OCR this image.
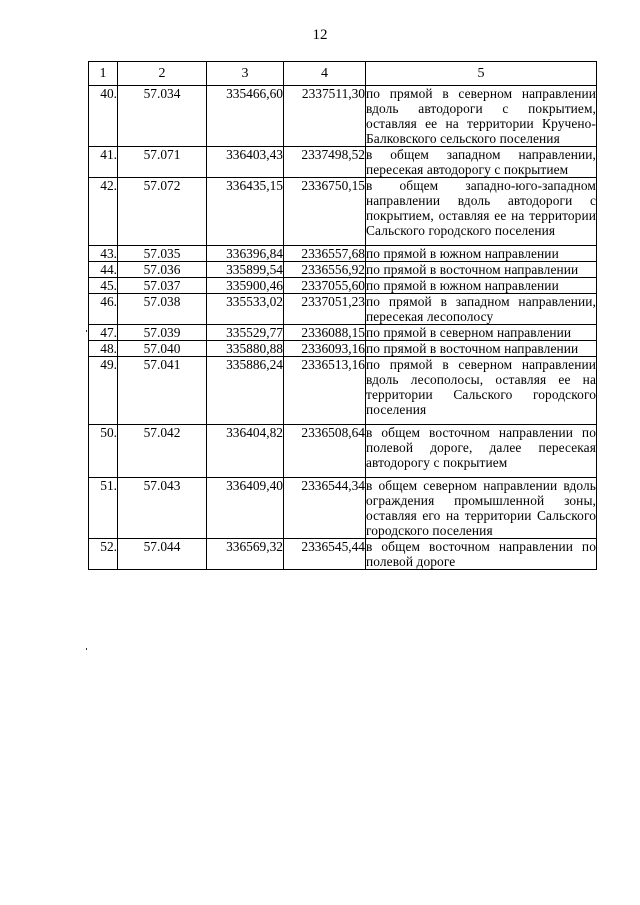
12
1	2	3	4	5
40.	57.034	335466,60	2337511,30	по прямой в северном направлении вдоль автодороги с покрытием, оставляя ее на территории Кручено-Балковского сельского поселения
41.	57.071	336403,43	2337498,52	в общем западном направлении, пересекая автодорогу с покрытием
42.	57.072	336435,15	2336750,15	в общем западно-юго-западном направлении вдоль автодороги с покрытием, оставляя ее на территории Сальского городского поселения
43.	57.035	336396,84	2336557,68	по прямой в южном направлении
44.	57.036	335899,54	2336556,92	по прямой в восточном направлении
45.	57.037	335900,46	2337055,60	по прямой в южном направлении
46.	57.038	335533,02	2337051,23	по прямой в западном направлении, пересекая лесополосу
47.	57.039	335529,77	2336088,15	по прямой в северном направлении
48.	57.040	335880,88	2336093,16	по прямой в восточном направлении
49.	57.041	335886,24	2336513,16	по прямой в северном направлении вдоль лесополосы, оставляя ее на территории Сальского городского поселения
50.	57.042	336404,82	2336508,64	в общем восточном направлении по полевой дороге, далее пересекая автодорогу с покрытием
51.	57.043	336409,40	2336544,34	в общем северном направлении вдоль ограждения промышленной зоны, оставляя его на территории Сальского городского поселения
52.	57.044	336569,32	2336545,44	в общем восточном направлении по полевой дороге
